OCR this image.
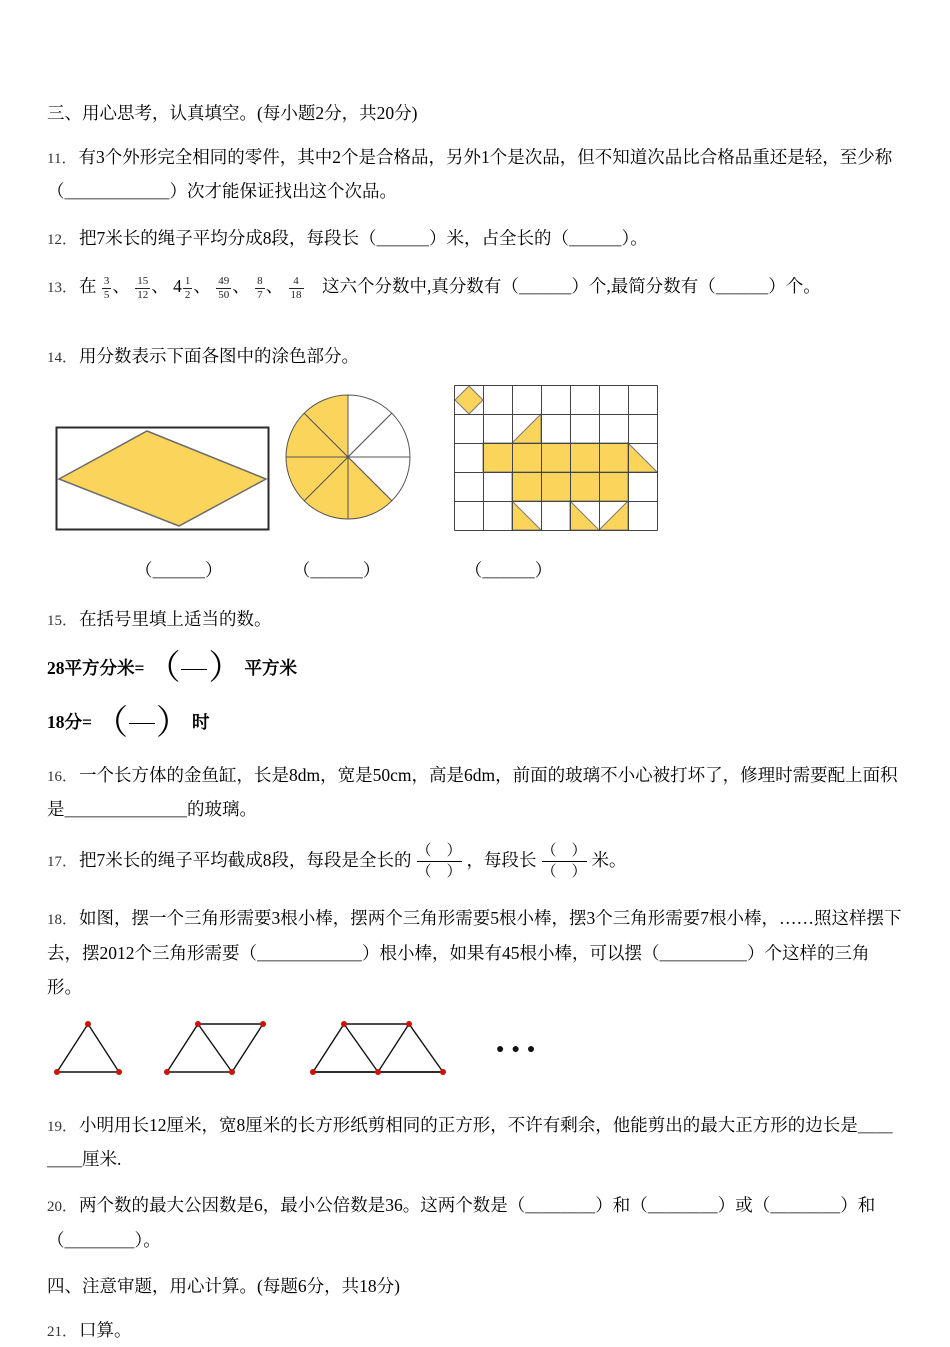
三、用心思考，认真填空。(每小题2分，共20分)

11． 有3个外形完全相同的零件，其中2个是合格品，另外1个是次品，但不知道次品比合格品重还是轻，至少称（＿＿＿＿＿＿）次才能保证找出这个次品。

12． 把7米长的绳子平均分成8段，每段长（＿＿＿）米，占全长的（＿＿＿）。

13． 在 $\frac{3}{5}$ 、 $\frac{15}{12}$ 、 $4 \frac{1}{2}$ 、 $\frac{49}{50}$ 、 $\frac{8}{7}$ 、 $\frac{4}{18}$ 　这六个分数中,真分数有（＿＿＿）个,最简分数有（＿＿＿）个。

14． 用分数表示下面各图中的涂色部分。

（＿＿＿）	（＿＿＿）	（＿＿＿）

15． 在括号里填上适当的数。

28平方分米= （ ） 平方米

18分= （ ） 时

16． 一个长方体的金鱼缸，长是8dm，宽是50cm，高是6dm，前面的玻璃不小心被打坏了，修理时需要配上面积是＿＿＿＿＿＿＿的玻璃。

17． 把7米长的绳子平均截成8段，每段是全长的 （　）
（　）
，每段长 （　）
（　）
米。

18． 如图，摆一个三角形需要3根小棒，摆两个三角形需要5根小棒，摆3个三角形需要7根小棒，……照这样摆下去，摆2012个三角形需要（＿＿＿＿＿＿）根小棒，如果有45根小棒，可以摆（＿＿＿＿＿）个这样的三角形。

●●●

19． 小明用长12厘米，宽8厘米的长方形纸剪相同的正方形，不许有剩余，他能剪出的最大正方形的边长是＿＿＿＿厘米.

20． 两个数的最大公因数是6，最小公倍数是36。这两个数是（＿＿＿＿）和（＿＿＿＿）或（＿＿＿＿）和（＿＿＿＿）。

四、注意审题，用心计算。(每题6分，共18分)

21． 口算。
